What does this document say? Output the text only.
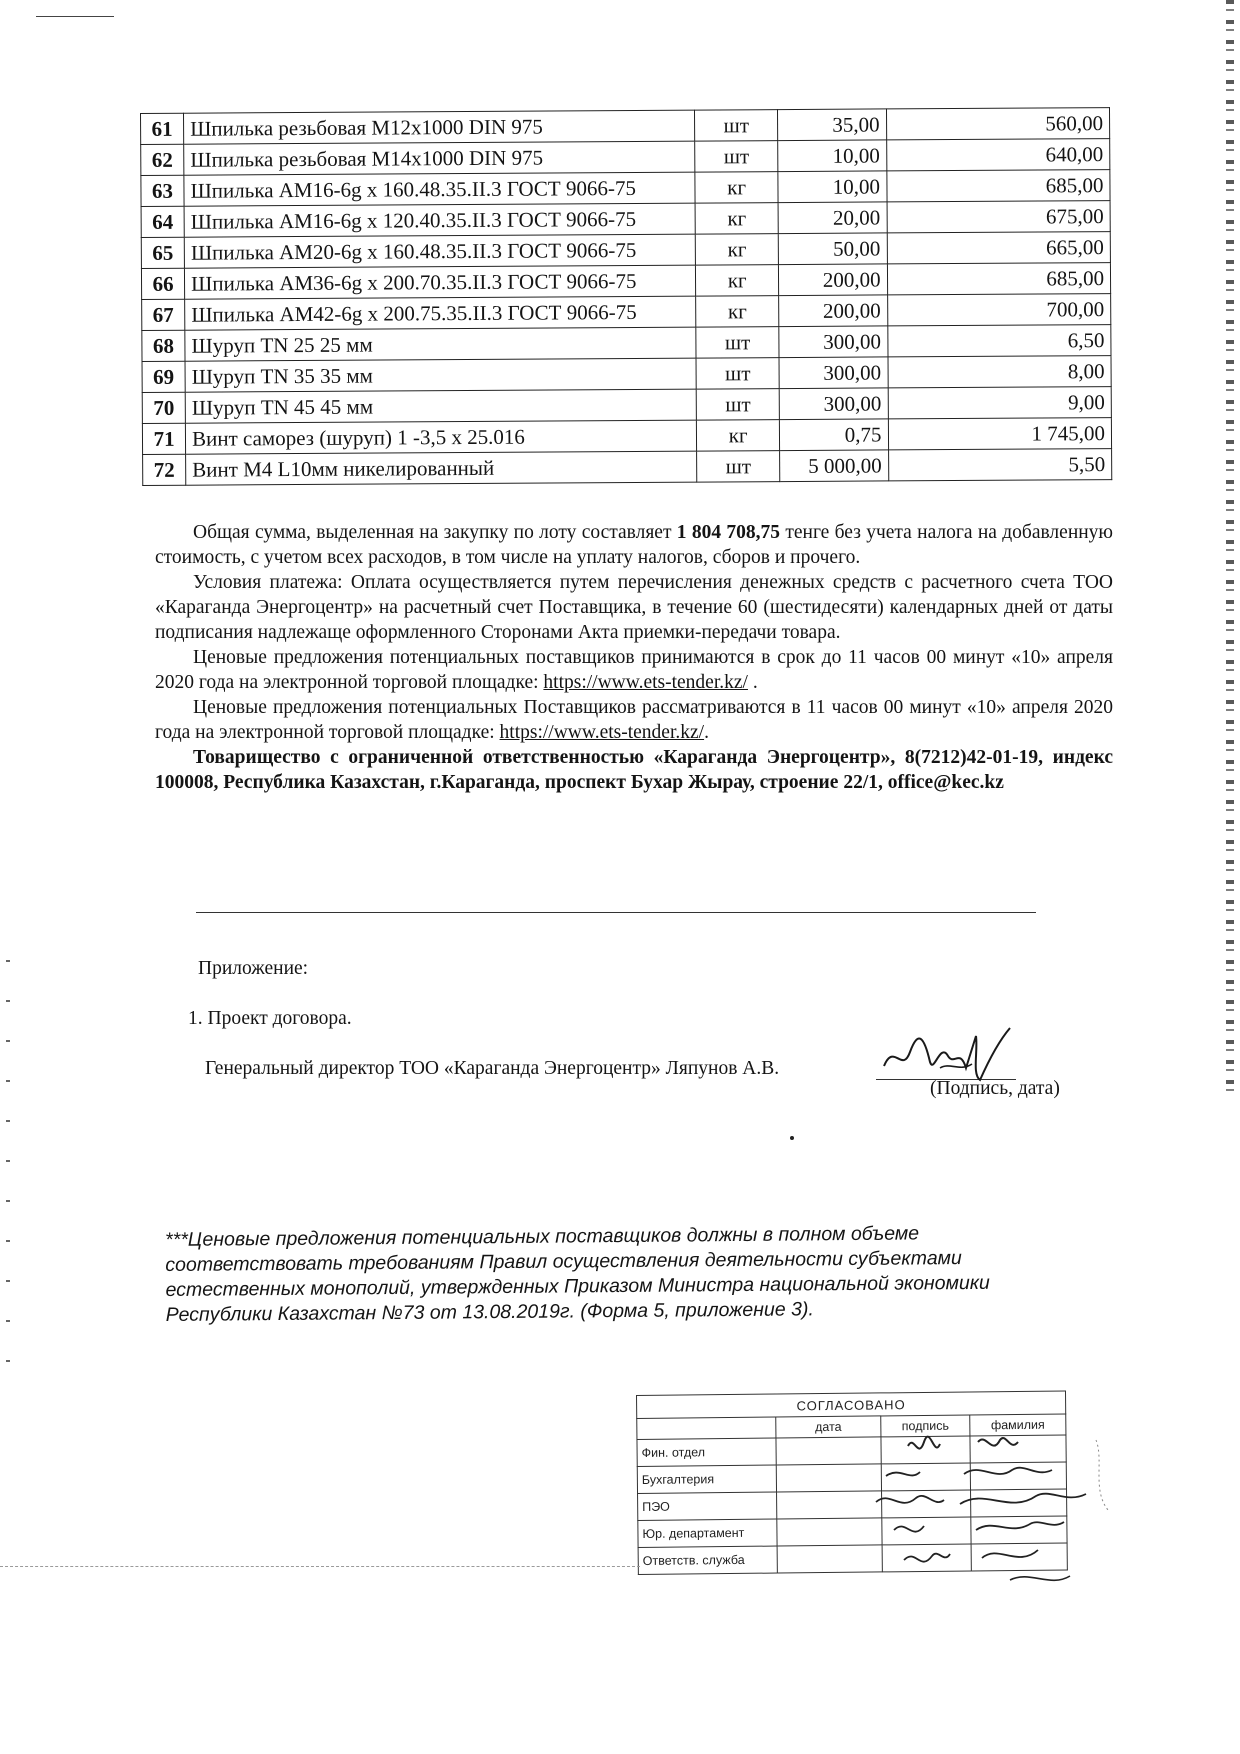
61	Шпилька резьбовая М12х1000 DIN 975	шт	35,00	560,00
62	Шпилька резьбовая М14х1000 DIN 975	шт	10,00	640,00
63	Шпилька АМ16-6g х 160.48.35.II.3 ГОСТ 9066-75	кг	10,00	685,00
64	Шпилька АМ16-6g х 120.40.35.II.3 ГОСТ 9066-75	кг	20,00	675,00
65	Шпилька АМ20-6g х 160.48.35.II.3 ГОСТ 9066-75	кг	50,00	665,00
66	Шпилька АМ36-6g х 200.70.35.II.3 ГОСТ 9066-75	кг	200,00	685,00
67	Шпилька АМ42-6g х 200.75.35.II.3 ГОСТ 9066-75	кг	200,00	700,00
68	Шуруп TN 25 25 мм	шт	300,00	6,50
69	Шуруп TN 35 35 мм	шт	300,00	8,00
70	Шуруп TN 45 45 мм	шт	300,00	9,00
71	Винт саморез (шуруп) 1 -3,5 х 25.016	кг	0,75	1 745,00
72	Винт М4 L10мм никелированный	шт	5 000,00	5,50

Общая сумма, выделенная на закупку по лоту составляет 1 804 708,75 тенге без учета налога на добавленную стоимость, с учетом всех расходов, в том числе на уплату налогов, сборов и прочего.

Условия платежа: Оплата осуществляется путем перечисления денежных средств с расчетного счета ТОО «Караганда Энергоцентр» на расчетный счет Поставщика, в течение 60 (шестидесяти) календарных дней от даты подписания надлежаще оформленного Сторонами Акта приемки-передачи товара.

Ценовые предложения потенциальных поставщиков принимаются в срок до 11 часов 00 минут «10» апреля 2020 года на электронной торговой площадке: https://www.ets-tender.kz/ .

Ценовые предложения потенциальных Поставщиков рассматриваются в 11 часов 00 минут «10» апреля 2020 года на электронной торговой площадке: https://www.ets-tender.kz/.

Товарищество с ограниченной ответственностью «Караганда Энергоцентр», 8(7212)42-01-19, индекс 100008, Республика Казахстан, г.Караганда, проспект Бухар Жырау, строение 22/1, office@kec.kz

Приложение:
1. Проект договора.
Генеральный директор ТОО «Караганда Энергоцентр» Ляпунов А.В.
(Подпись, дата)
***Ценовые предложения потенциальных поставщиков должны в полном объеме соответствовать требованиям Правил осуществления деятельности субъектами естественных монополий, утвержденных Приказом Министра национальной экономики Республики Казахстан №73 от 13.08.2019г. (Форма 5, приложение 3).
СОГЛАСОВАНО			
	дата	подпись	фамилия
Фин. отдел			
Бухгалтерия			
ПЭО			
Юр. департамент			
Ответств. служба			
